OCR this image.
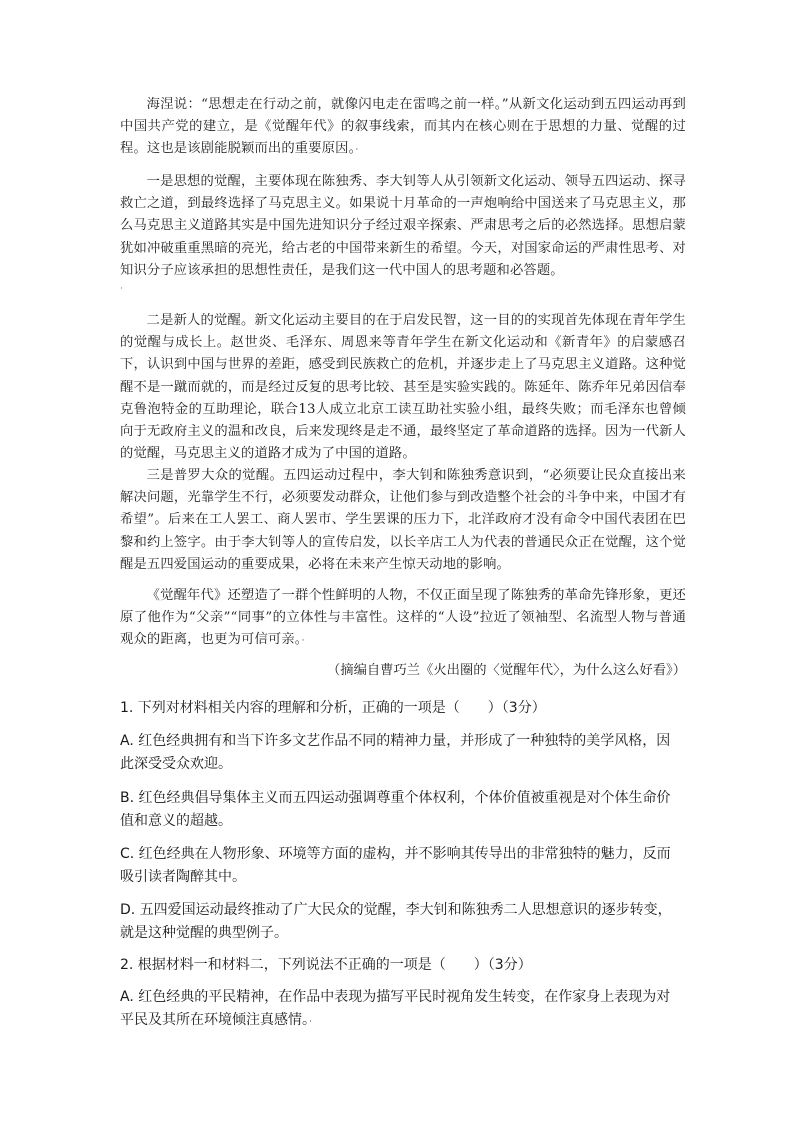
海涅说：“思想走在行动之前，就像闪电走在雷鸣之前一样。”从新文化运动到五四运动再到中国共产党的建立，是《觉醒年代》的叙事线索，而其内在核心则在于思想的力量、觉醒的过程。这也是该剧能脱颖而出的重要原因。·

一是思想的觉醒，主要体现在陈独秀、李大钊等人从引领新文化运动、领导五四运动、探寻救亡之道，到最终选择了马克思主义。如果说十月革命的一声炮响给中国送来了马克思主义，那么马克思主义道路其实是中国先进知识分子经过艰辛探索、严肃思考之后的必然选择。思想启蒙犹如冲破重重黑暗的亮光，给古老的中国带来新生的希望。今天，对国家命运的严肃性思考、对知识分子应该承担的思想性责任，是我们这一代中国人的思考题和必答题。

·

二是新人的觉醒。新文化运动主要目的在于启发民智，这一目的的实现首先体现在青年学生的觉醒与成长上。赵世炎、毛泽东、周恩来等青年学生在新文化运动和《新青年》的启蒙感召下，认识到中国与世界的差距，感受到民族救亡的危机，并逐步走上了马克思主义道路。这种觉醒不是一蹴而就的，而是经过反复的思考比较、甚至是实验实践的。陈延年、陈乔年兄弟因信奉克鲁泡特金的互助理论，联合13人成立北京工读互助社实验小组，最终失败；而毛泽东也曾倾向于无政府主义的温和改良，后来发现终是走不通，最终坚定了革命道路的选择。因为一代新人的觉醒，马克思主义的道路才成为了中国的道路。

三是普罗大众的觉醒。五四运动过程中，李大钊和陈独秀意识到，“必须要让民众直接出来解决问题，光靠学生不行，必须要发动群众，让他们参与到改造整个社会的斗争中来，中国才有希望”。后来在工人罢工、商人罢市、学生罢课的压力下，北洋政府才没有命令中国代表团在巴黎和约上签字。由于李大钊等人的宣传启发，以长辛店工人为代表的普通民众正在觉醒，这个觉醒是五四爱国运动的重要成果，必将在未来产生惊天动地的影响。

《觉醒年代》还塑造了一群个性鲜明的人物，不仅正面呈现了陈独秀的革命先锋形象，更还原了他作为“父亲”“同事”的立体性与丰富性。这样的“人设”拉近了领袖型、名流型人物与普通观众的距离，也更为可信可亲。·

（摘编自曹巧兰《火出圈的〈觉醒年代〉，为什么这么好看》）

1. 下列对材料相关内容的理解和分析，正确的一项是（　　）（3分）

A. 红色经典拥有和当下许多文艺作品不同的精神力量，并形成了一种独特的美学风格，因此深受受众欢迎。

B. 红色经典倡导集体主义而五四运动强调尊重个体权利，个体价值被重视是对个体生命价值和意义的超越。

C. 红色经典在人物形象、环境等方面的虚构，并不影响其传导出的非常独特的魅力，反而吸引读者陶醉其中。

D. 五四爱国运动最终推动了广大民众的觉醒，李大钊和陈独秀二人思想意识的逐步转变，就是这种觉醒的典型例子。

2. 根据材料一和材料二，下列说法不正确的一项是（　　）（3分）

A. 红色经典的平民精神，在作品中表现为描写平民时视角发生转变，在作家身上表现为对平民及其所在环境倾注真感情。·
